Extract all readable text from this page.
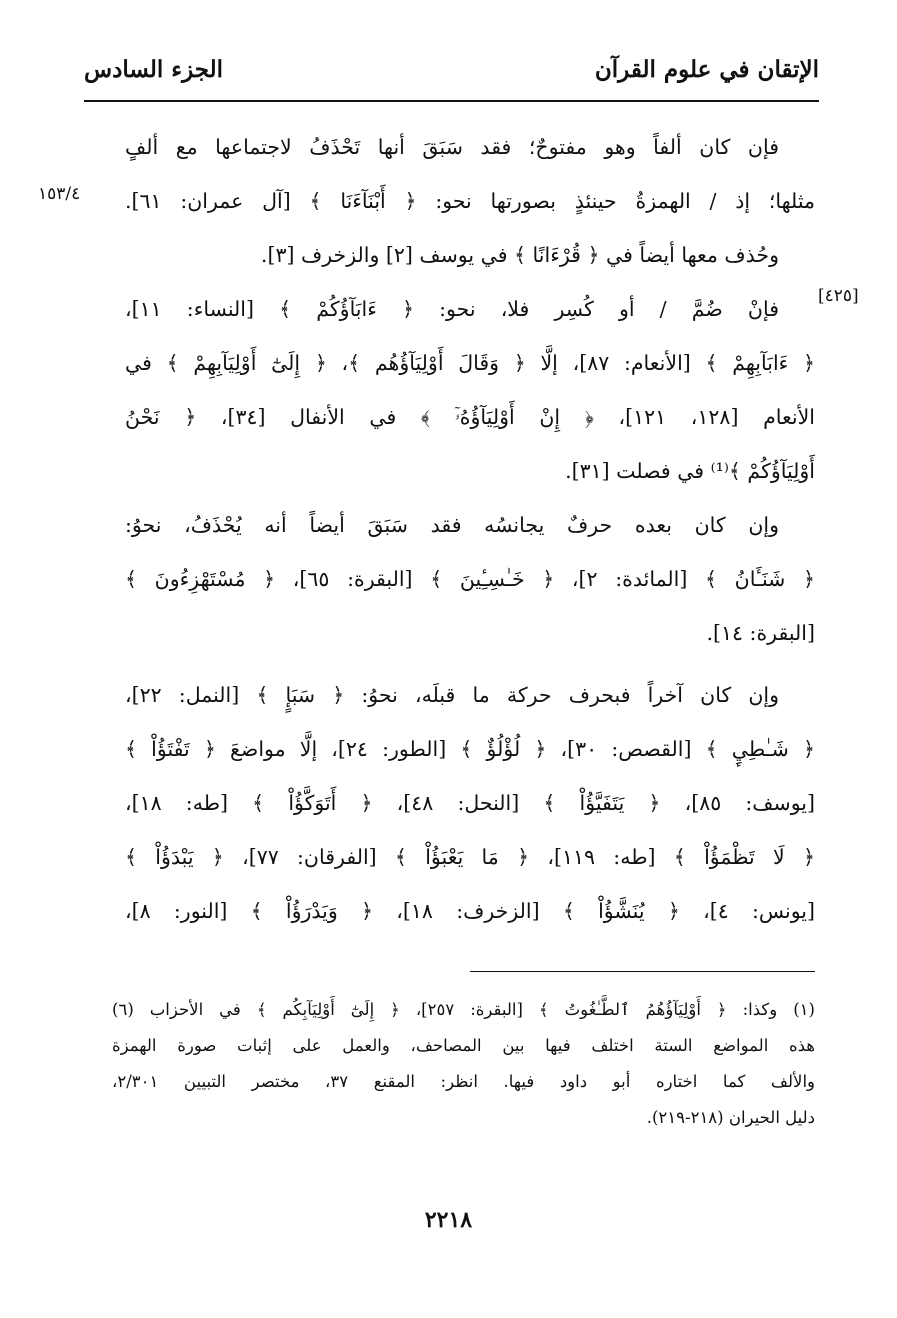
الإتقان في علوم القرآن
الجزء السادس
١٥٣/٤
[٤٢٥]
فإن كان ألفاً وهو مفتوحٌ؛ فقد سَبَقَ أنها تَحْذَفُ لاجتماعها مع ألفٍ
مثلها؛ إذ / الهمزةُ حينئذٍ بصورتها نحو: ﴿ أَبْنَآءَنَا ﴾ [آل عمران: ٦١].
وحُذف معها أيضاً في ﴿ قُرْءَانًا ﴾ في يوسف [٢] والزخرف [٣].
فإنْ ضُمَّ / أو كُسِر فلا، نحو: ﴿ ءَابَآؤُكُمْ ﴾ [النساء: ١١]،
﴿ ءَابَآبِهِمْ ﴾ [الأنعام: ٨٧]، إلَّا ﴿ وَقَالَ أَوْلِيَآؤُهُم ﴾، ﴿ إِلَىٰٓ أَوْلِيَآبِهِمْ ﴾ في
الأنعام [١٢٨، ١٢١]، ﴿ إِنْ أَوْلِيَآؤُهُۥٓ ﴾ في الأنفال [٣٤]، ﴿ نَحْنُ
أَوْلِيَآؤُكُمْ ﴾⁽¹⁾ في فصلت [٣١].
وإن كان بعده حرفٌ يجانسُه فقد سَبَقَ أيضاً أنه يُحْذَفُ، نحوُ:
﴿ شَنَـَٔانُ ﴾ [المائدة: ٢]، ﴿ خَـٰسِـِٔينَ ﴾ [البقرة: ٦٥]، ﴿ مُسْتَهْزِءُونَ ﴾
[البقرة: ١٤].
وإن كان آخراً فبحرف حركة ما قبلَه، نحوُ: ﴿ سَبَإٍ ﴾ [النمل: ٢٢]،
﴿ شَـٰطِيِٕ ﴾ [القصص: ٣٠]، ﴿ لُؤْلُؤٌ ﴾ [الطور: ٢٤]، إلَّا مواضعَ ﴿ تَفْتَؤُاْ ﴾
[يوسف: ٨٥]، ﴿ يَتَفَيَّؤُاْ ﴾ [النحل: ٤٨]، ﴿ أَتَوَكَّؤُاْ ﴾ [طه: ١٨]،
﴿ لَا تَظْمَؤُاْ ﴾ [طه: ١١٩]، ﴿ مَا يَعْبَؤُاْ ﴾ [الفرقان: ٧٧]، ﴿ يَبْدَؤُاْ ﴾
[يونس: ٤]، ﴿ يُنَشَّؤُاْ ﴾ [الزخرف: ١٨]، ﴿ وَيَدْرَؤُاْ ﴾ [النور: ٨]،
(١) وكذا: ﴿ أَوْلِيَآؤُهُمُ ٱلطَّـٰغُوتُ ﴾ [البقرة: ٢٥٧]، ﴿ إِلَىٰٓ أَوْلِيَآبِكُم ﴾ في الأحزاب (٦)
هذه المواضع الستة اختلف فيها بين المصاحف، والعمل على إثبات صورة الهمزة
والألف كما اختاره أبو داود فيها. انظر: المقنع ٣٧، مختصر التبيين ٢/٣٠١،
دليل الحيران (٢١٨-٢١٩).
٢٢١٨
